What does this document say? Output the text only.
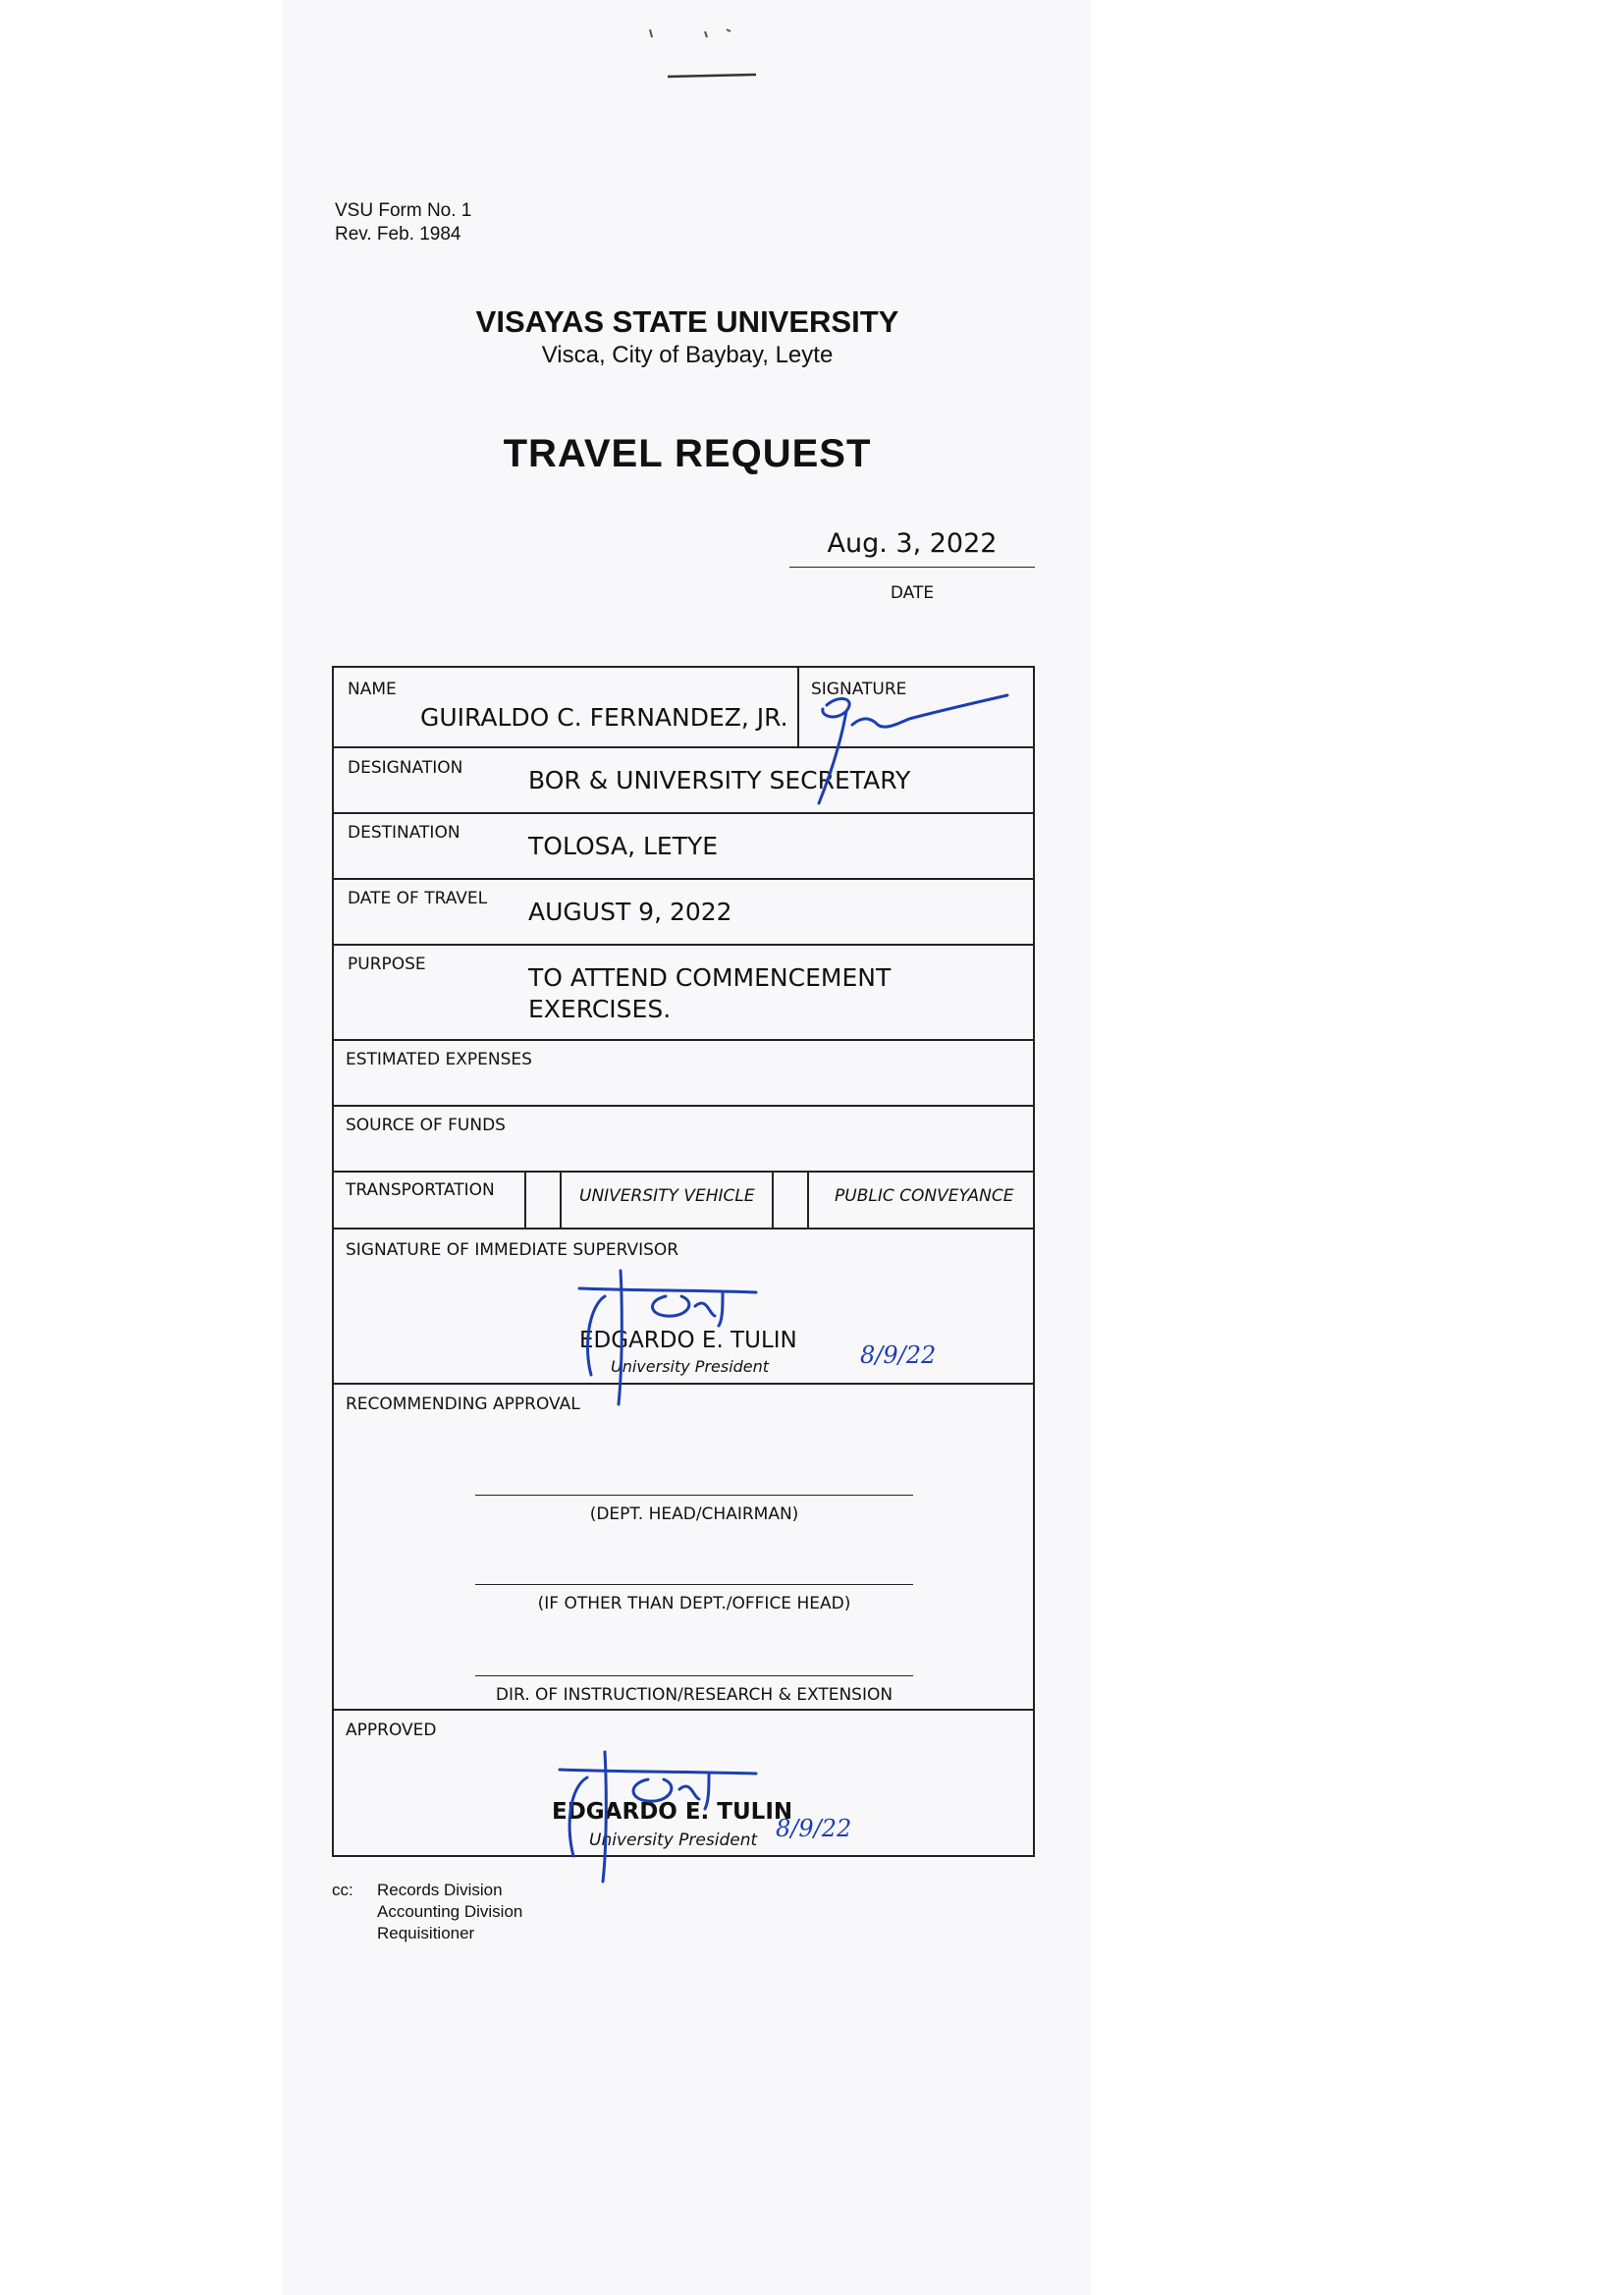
VSU Form No. 1
Rev. Feb. 1984
VISAYAS STATE UNIVERSITY
Visca, City of Baybay, Leyte
TRAVEL REQUEST
Aug. 3, 2022
DATE
NAME
GUIRALDO C. FERNANDEZ, JR.
SIGNATURE
DESIGNATION	BOR & UNIVERSITY SECRETARY
DESTINATION	TOLOSA, LETYE
DATE OF TRAVEL AUGUST 9, 2022
PURPOSE	TO ATTEND COMMENCEMENT
EXERCISES.
ESTIMATED EXPENSES
SOURCE OF FUNDS
TRANSPORTATION	UNIVERSITY VEHICLE	PUBLIC CONVEYANCE
SIGNATURE OF IMMEDIATE SUPERVISOR
EDGARDO E. TULIN
University President
RECOMMENDING APPROVAL
(DEPT. HEAD/CHAIRMAN)
(IF OTHER THAN DEPT./OFFICE HEAD)
DIR. OF INSTRUCTION/RESEARCH & EXTENSION
APPROVED
EDGARDO E. TULIN
University President
8/9/22
8/9/22
cc: Records Division
Accounting Division
Requisitioner
